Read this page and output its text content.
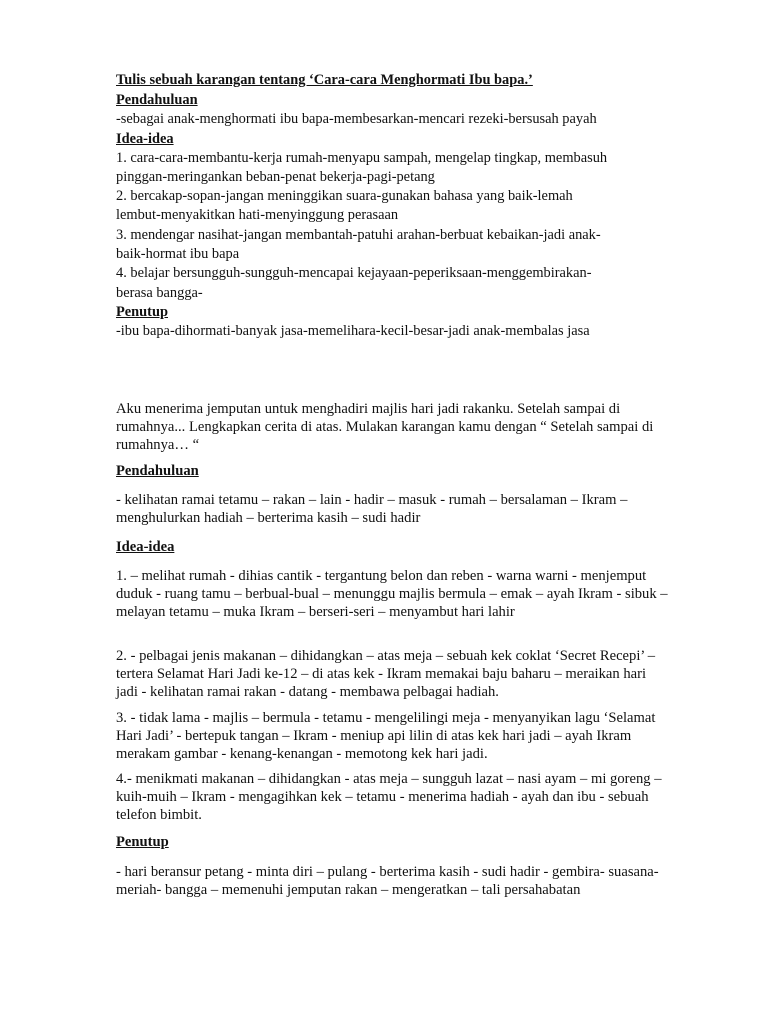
Tulis sebuah karangan tentang ‘Cara-cara Menghormati Ibu bapa.’

Pendahuluan

-sebagai anak-menghormati ibu bapa-membesarkan-mencari rezeki-bersusah payah

Idea-idea

1. cara-cara-membantu-kerja rumah-menyapu sampah, mengelap tingkap, membasuh

pinggan-meringankan beban-penat bekerja-pagi-petang

2. bercakap-sopan-jangan meninggikan suara-gunakan bahasa yang baik-lemah

lembut-menyakitkan hati-menyinggung perasaan

3. mendengar nasihat-jangan membantah-patuhi arahan-berbuat kebaikan-jadi anak-

baik-hormat ibu bapa

4. belajar bersungguh-sungguh-mencapai kejayaan-peperiksaan-menggembirakan-

berasa bangga-

Penutup

-ibu bapa-dihormati-banyak jasa-memelihara-kecil-besar-jadi anak-membalas jasa

Aku menerima jemputan untuk menghadiri majlis hari jadi rakanku. Setelah sampai di rumahnya... Lengkapkan cerita di atas. Mulakan karangan kamu dengan “ Setelah sampai di rumahnya… “

Pendahuluan

- kelihatan ramai tetamu – rakan – lain - hadir – masuk - rumah – bersalaman – Ikram – menghulurkan hadiah – berterima kasih – sudi hadir

Idea-idea

1. – melihat rumah - dihias cantik - tergantung belon dan reben - warna warni - menjemput duduk - ruang tamu – berbual-bual – menunggu majlis bermula – emak – ayah Ikram - sibuk – melayan tetamu – muka Ikram – berseri-seri – menyambut hari lahir

2. - pelbagai jenis makanan – dihidangkan – atas meja – sebuah kek coklat ‘Secret Recepi’ – tertera Selamat Hari Jadi ke-12 – di atas kek - Ikram memakai baju baharu – meraikan hari jadi - kelihatan ramai rakan - datang - membawa pelbagai hadiah.

3. - tidak lama - majlis – bermula - tetamu - mengelilingi meja - menyanyikan lagu ‘Selamat Hari Jadi’ - bertepuk tangan – Ikram - meniup api lilin di atas kek hari jadi – ayah Ikram merakam gambar - kenang-kenangan - memotong kek hari jadi.

4.- menikmati makanan – dihidangkan - atas meja – sungguh lazat – nasi ayam – mi goreng – kuih-muih – Ikram - mengagihkan kek – tetamu - menerima hadiah - ayah dan ibu - sebuah telefon bimbit.

Penutup

- hari beransur petang - minta diri – pulang - berterima kasih - sudi hadir - gembira- suasana- meriah- bangga – memenuhi jemputan rakan – mengeratkan – tali persahabatan
